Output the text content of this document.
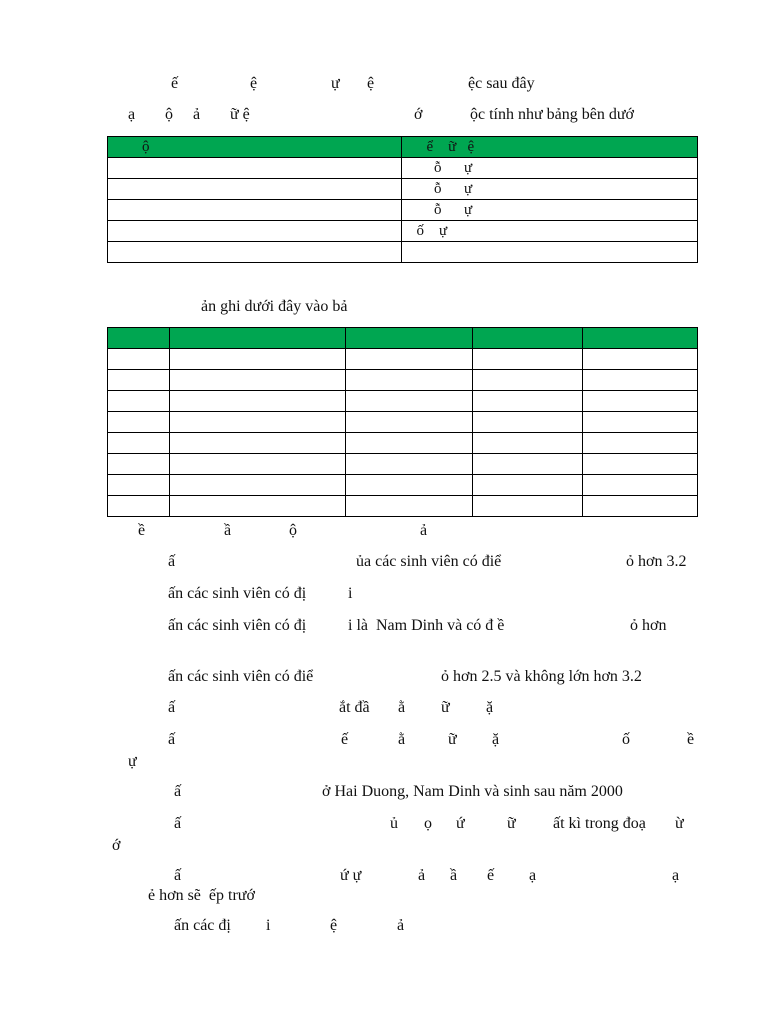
ế	ệ	ự ệ	ệc sau đây
ạ ộ ả ữ ệ	ớ	ộc tính như bảng bên dướ
ộ	ể    ữ   ệ
	ỗ      ự
	ỗ      ự
	ỗ      ự
	ố    ự

ản ghi dưới đây vào bả

ề	ầ	ộ	ả
ấ	ủa các sinh viên có điể	ỏ hơn 3.2
ấn các sinh viên có đị	i
ấn các sinh viên có đị	i là  Nam Dinh và có đ ề	ỏ hơn
ấn các sinh viên có điể	ỏ hơn 2.5 và không lớn hơn 3.2
ấ	ắt đầ ằ ữ ặ
ấ	ế	ằ	ữ ặ	ố	ề
ự
ấ	ở Hai Duong, Nam Dinh và sinh sau năm 2000
ấ	ủ ọ ứ	ữ ất kì trong đoạ ừ
ớ
ấ	ứ ự	ả ầ ế ạ	ạ
ẻ hơn sẽ  ếp trướ
ấn các đị i	ệ	ả
